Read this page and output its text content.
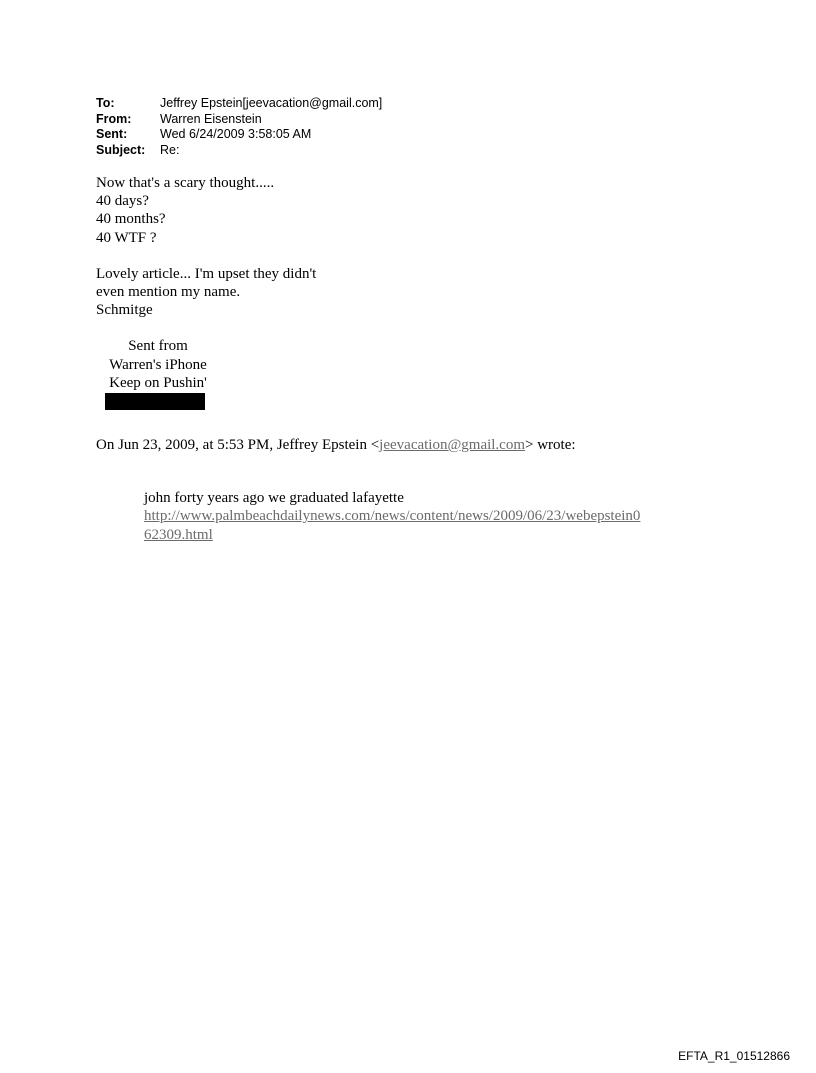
To:	Jeffrey Epstein[jeevacation@gmail.com]
From:	Warren Eisenstein
Sent:	Wed 6/24/2009 3:58:05 AM
Subject:	Re:
Now that's a scary thought.....
40 days?
40 months?
40 WTF ?
Lovely article... I'm upset they didn't
even mention my name.
Schmitge
Sent from
Warren's iPhone
Keep on Pushin'
On Jun 23, 2009, at 5:53 PM, Jeffrey Epstein <jeevacation@gmail.com> wrote:
john forty years ago we graduated lafayette
http://www.palmbeachdailynews.com/news/content/news/2009/06/23/webepstein0
62309.html
EFTA_R1_01512866
